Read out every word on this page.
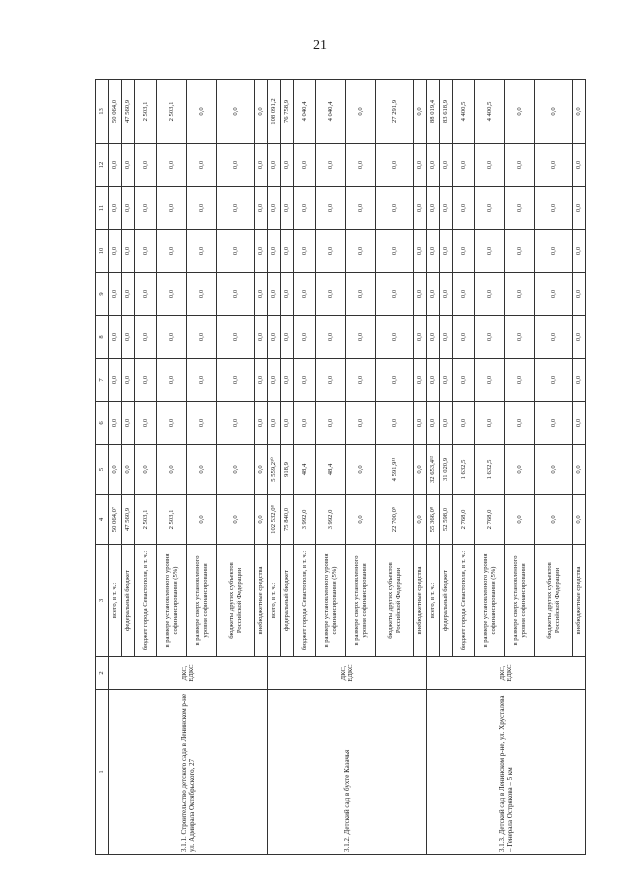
21
1	2	3	4	5	6	7	8	9	10	11	12	13
3.1.1. Строительство детского сада в Ленинском р-не ул. Адмирала Октябрьского, 27	ДКС, ЕДКС	всего, в т. ч.:	50 064,0⁷	0,0	0,0	0,0	0,0	0,0	0,0	0,0	0,0	50 064,0
		федеральный бюджет	47 560,9	0,0	0,0	0,0	0,0	0,0	0,0	0,0	0,0	47 560,9
		бюджет города Севастополя, в т. ч.:	2 503,1	0,0	0,0	0,0	0,0	0,0	0,0	0,0	0,0	2 503,1
		в размере установленного уровня софинансирования (5%)	2 503,1	0,0	0,0	0,0	0,0	0,0	0,0	0,0	0,0	2 503,1
		в размере сверх установленного уровня софинансирования	0,0	0,0	0,0	0,0	0,0	0,0	0,0	0,0	0,0	0,0
		бюджеты других субъектов Российской Федерации	0,0	0,0	0,0	0,0	0,0	0,0	0,0	0,0	0,0	0,0
		внебюджетные средства	0,0	0,0	0,0	0,0	0,0	0,0	0,0	0,0	0,0	0,0
3.1.2. Детский сад в бухте Казачья	ДКС, ЕДКС	всего, в т. ч.:	102 532,0⁸	5 559,2¹⁰	0,0	0,0	0,0	0,0	0,0	0,0	0,0	108 091,2
		федеральный бюджет	75 840,0	918,9	0,0	0,0	0,0	0,0	0,0	0,0	0,0	76 758,9
		бюджет города Севастополя, в т. ч.:	3 992,0	48,4	0,0	0,0	0,0	0,0	0,0	0,0	0,0	4 040,4
		в размере установленного уровня софинансирования (5%)	3 992,0	48,4	0,0	0,0	0,0	0,0	0,0	0,0	0,0	4 040,4
		в размере сверх установленного уровня софинансирования	0,0	0,0	0,0	0,0	0,0	0,0	0,0	0,0	0,0	0,0
		бюджеты других субъектов Российской Федерации	22 700,0⁹	4 591,9¹¹	0,0	0,0	0,0	0,0	0,0	0,0	0,0	27 291,9
		внебюджетные средства	0,0	0,0	0,0	0,0	0,0	0,0	0,0	0,0	0,0	0,0
3.1.3. Детский сад в Ленинском р-не, ул. Хрусталева – Генерала Острякова – 5 км	ДКС, ЕДКС	всего, в т. ч.:	55 366,0⁸	32 653,4¹²	0,0	0,0	0,0	0,0	0,0	0,0	0,0	88 019,4
		федеральный бюджет	52 598,0	31 020,9	0,0	0,0	0,0	0,0	0,0	0,0	0,0	83 618,9
		бюджет города Севастополя, в т. ч.:	2 768,0	1 632,5	0,0	0,0	0,0	0,0	0,0	0,0	0,0	4 400,5
		в размере установленного уровня софинансирования (5%)	2 768,0	1 632,5	0,0	0,0	0,0	0,0	0,0	0,0	0,0	4 400,5
		в размере сверх установленного уровня софинансирования	0,0	0,0	0,0	0,0	0,0	0,0	0,0	0,0	0,0	0,0
		бюджеты других субъектов Российской Федерации	0,0	0,0	0,0	0,0	0,0	0,0	0,0	0,0	0,0	0,0
		внебюджетные средства	0,0	0,0	0,0	0,0	0,0	0,0	0,0	0,0	0,0	0,0
